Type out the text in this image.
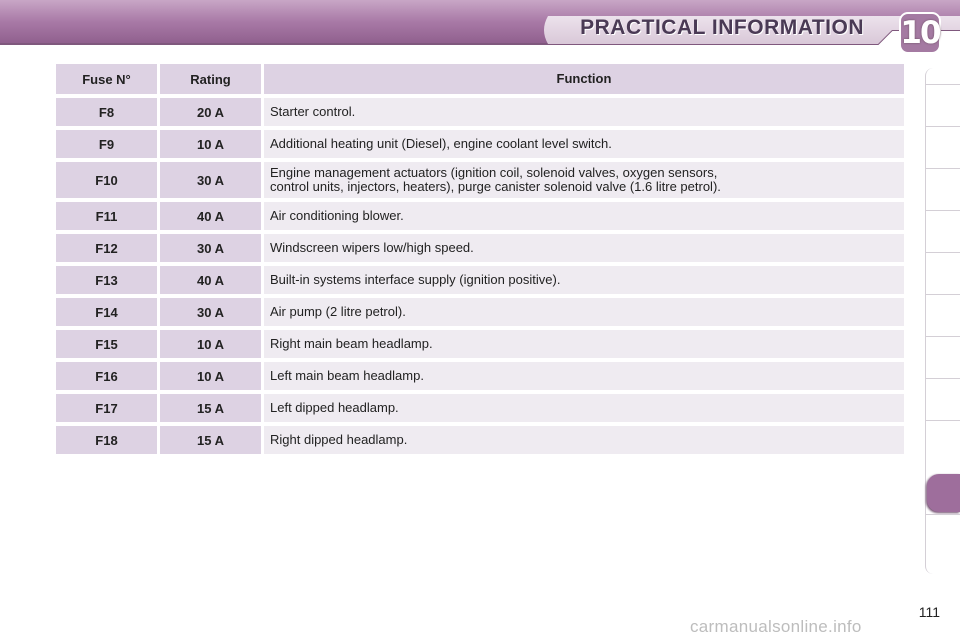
PRACTICAL INFORMATION 10
Fuse N°	Rating	Function
F8	20 A	Starter control.
F9	10 A	Additional heating unit (Diesel), engine coolant level switch.
F10	30 A	Engine management actuators (ignition coil, solenoid valves, oxygen sensors,
control units, injectors, heaters), purge canister solenoid valve (1.6 litre petrol).
F11	40 A	Air conditioning blower.
F12	30 A	Windscreen wipers low/high speed.
F13	40 A	Built-in systems interface supply (ignition positive).
F14	30 A	Air pump (2 litre petrol).
F15	10 A	Right main beam headlamp.
F16	10 A	Left main beam headlamp.
F17	15 A	Left dipped headlamp.
F18	15 A	Right dipped headlamp.
111
carmanualsonline.info
